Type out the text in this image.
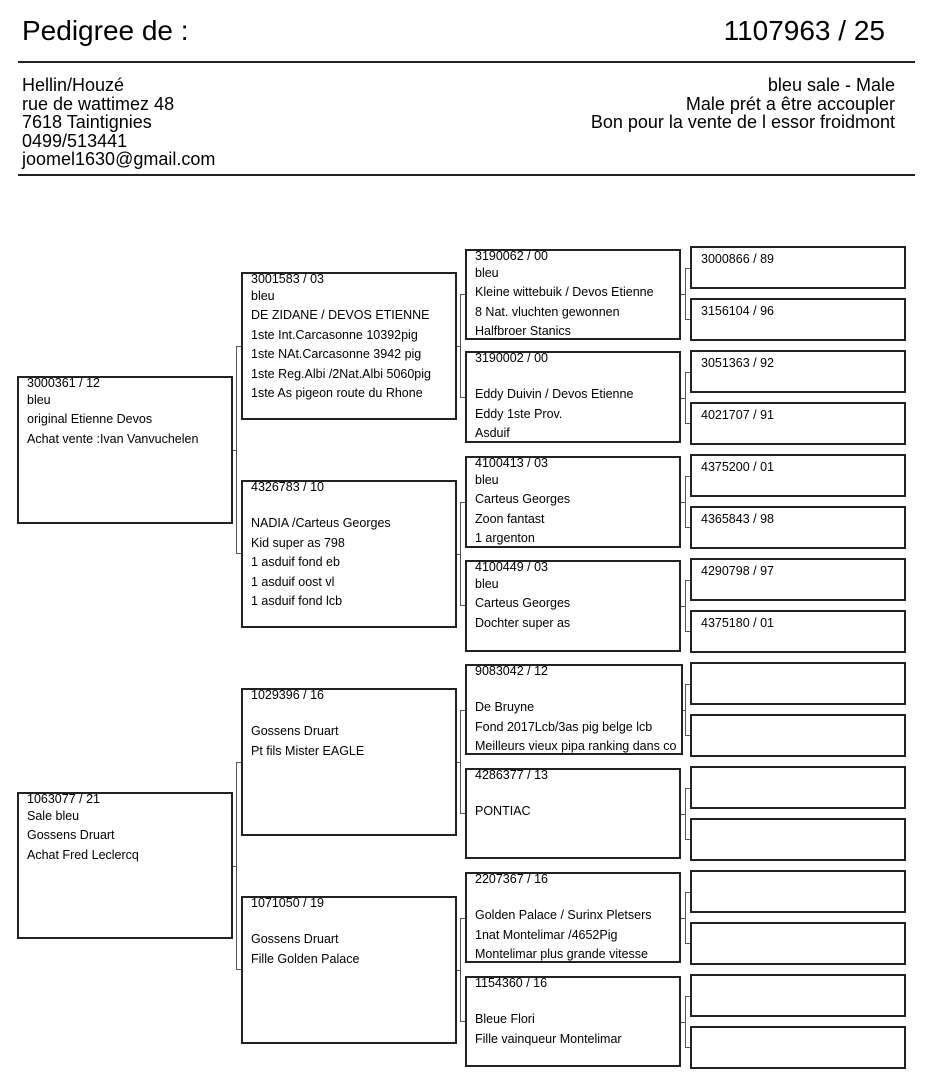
Pedigree de :	1107963 / 25
Hellin/Houzé
rue de wattimez 48
7618 Taintignies
0499/513441
joomel1630@gmail.com
bleu sale - Male
Male prét a être accoupler
Bon pour la vente de l essor froidmont
3000361 / 12
bleu
original Etienne Devos
Achat vente :Ivan Vanvuchelen
1063077 / 21
Sale bleu
Gossens Druart
Achat Fred Leclercq
3001583 / 03
bleu
DE ZIDANE / DEVOS ETIENNE
1ste Int.Carcasonne 10392pig
1ste NAt.Carcasonne 3942 pig
1ste Reg.Albi /2Nat.Albi 5060pig
1ste As pigeon route du Rhone
4326783 / 10
NADIA /Carteus Georges
Kid super as 798
1 asduif fond eb
1 asduif oost vl
1 asduif fond lcb
1029396 / 16
Gossens Druart
Pt fils Mister EAGLE
1071050 / 19
Gossens Druart
Fille Golden Palace
3190062 / 00
bleu
Kleine wittebuik / Devos Etienne
8 Nat. vluchten gewonnen
Halfbroer Stanics
3190002 / 00
Eddy Duivin / Devos Etienne
Eddy 1ste Prov.
Asduif
4100413 / 03
bleu
Carteus Georges
Zoon fantast
1 argenton
4100449 / 03
bleu
Carteus Georges
Dochter super as
9083042 / 12
De Bruyne
Fond 2017Lcb/3as pig belge lcb
Meilleurs vieux pipa ranking dans co
4286377 / 13
PONTIAC
2207367 / 16
Golden Palace / Surinx Pletsers
1nat Montelimar /4652Pig
Montelimar plus grande vitesse
1154360 / 16
Bleue Flori
Fille vainqueur Montelimar
3000866 / 89
3156104 / 96
3051363 / 92
4021707 / 91
4375200 / 01
4365843 / 98
4290798 / 97
4375180 / 01
